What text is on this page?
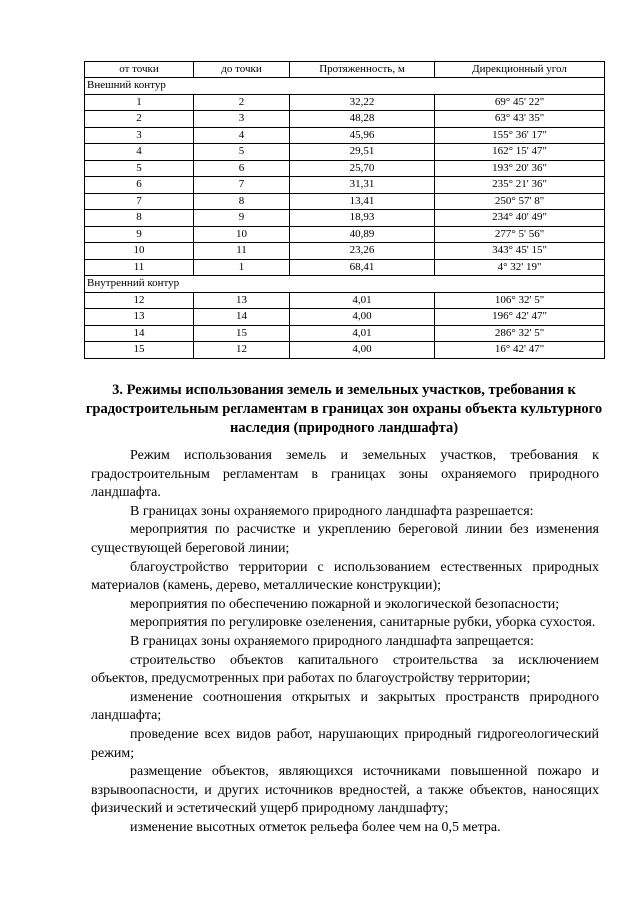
от точки	до точки	Протяженность, м	Дирекционный угол
Внешний контур			
1	2	32,22	69° 45' 22"
2	3	48,28	63° 43' 35"
3	4	45,96	155° 36' 17"
4	5	29,51	162° 15' 47"
5	6	25,70	193° 20' 36"
6	7	31,31	235° 21' 36"
7	8	13,41	250° 57' 8"
8	9	18,93	234° 40' 49"
9	10	40,89	277° 5' 56"
10	11	23,26	343° 45' 15"
11	1	68,41	4° 32' 19"
Внутренний контур			
12	13	4,01	106° 32' 5"
13	14	4,00	196° 42' 47"
14	15	4,01	286° 32' 5"
15	12	4,00	16° 42' 47"
3. Режимы использования земель и земельных участков, требования к градостроительным регламентам в границах зон охраны объекта культурного наследия (природного ландшафта)

Режим использования земель и земельных участков, требования к градостроительным регламентам в границах зоны охраняемого природного ландшафта.

В границах зоны охраняемого природного ландшафта разрешается:

мероприятия по расчистке и укреплению береговой линии без изменения существующей береговой линии;

благоустройство территории с использованием естественных природных материалов (камень, дерево, металлические конструкции);

мероприятия по обеспечению пожарной и экологической безопасности;

мероприятия по регулировке озеленения, санитарные рубки, уборка сухостоя.

В границах зоны охраняемого природного ландшафта запрещается:

строительство объектов капитального строительства за исключением объектов, предусмотренных при работах по благоустройству территории;

изменение соотношения открытых и закрытых пространств природного ландшафта;

проведение всех видов работ, нарушающих природный гидрогеологический режим;

размещение объектов, являющихся источниками повышенной пожаро и взрывоопасности, и других источников вредностей, а также объектов, наносящих физический и эстетический ущерб природному ландшафту;

изменение высотных отметок рельефа более чем на 0,5 метра.
